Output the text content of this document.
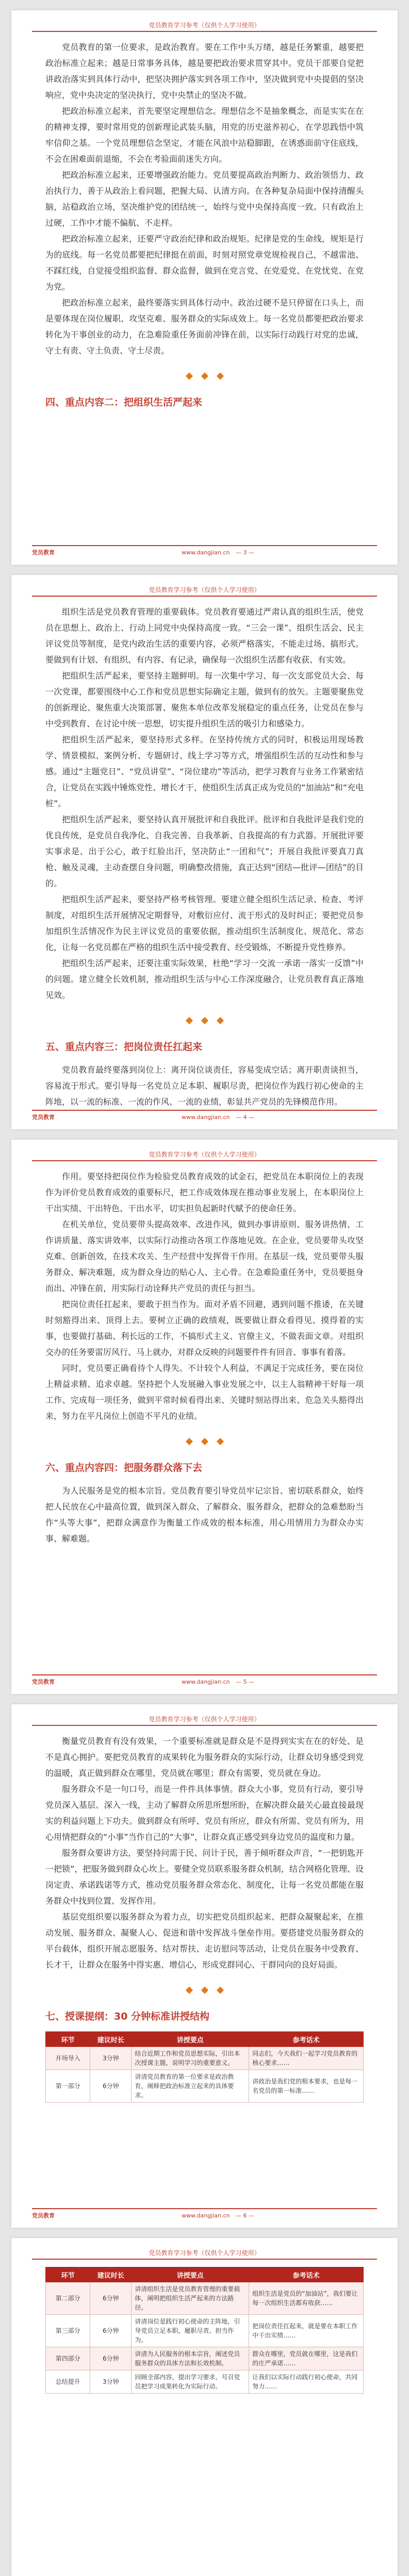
党员教育学习参考（仅供个人学习使用）

党员教育的第一位要求，是政治教育。要在工作中头万绪，越是任务繁重，越要把政治标准立起来；越是日常事务具体，越是要把政治要求贯穿其中。党员干部要自觉把讲政治落实到具体行动中，把坚决拥护落实到各项工作中，坚决做到党中央提倡的坚决响应，党中央决定的坚决执行，党中央禁止的坚决不做。

把政治标准立起来，首先要坚定理想信念。理想信念不是抽象概念，而是实实在在的精神支撑，要时常用党的创新理论武装头脑，用党的历史滋养初心，在学思践悟中筑牢信仰之基。一个党员理想信念坚定，才能在风浪中站稳脚跟，在诱惑面前守住底线，不会在困难面前退缩，不会在考验面前迷失方向。

把政治标准立起来，还要增强政治能力。党员要提高政治判断力、政治领悟力、政治执行力，善于从政治上看问题，把握大局、认清方向。在各种复杂局面中保持清醒头脑，站稳政治立场，坚决维护党的团结统一，始终与党中央保持高度一致。只有政治上过硬，工作中才能不偏航、不走样。

把政治标准立起来，还要严守政治纪律和政治规矩。纪律是党的生命线，规矩是行为的底线。每一名党员都要把纪律挺在前面，时刻对照党章党规检视自己，不越雷池、不踩红线，自觉接受组织监督、群众监督，做到在党言党、在党爱党、在党忧党、在党为党。

把政治标准立起来，最终要落实到具体行动中。政治过硬不是只停留在口头上，而是要体现在岗位履职、攻坚克难、服务群众的实际成效上。每一名党员都要把政治要求转化为干事创业的动力，在急难险重任务面前冲锋在前，以实际行动践行对党的忠诚，守土有责、守土负责、守土尽责。

四、重点内容二：把组织生活严起来
党员教育	www.dangjian.cn — 3 —
党员教育学习参考（仅供个人学习使用）

组织生活是党员教育管理的重要载体。党员教育要通过严肃认真的组织生活，使党员在思想上、政治上、行动上同党中央保持高度一致。“三会一课”、组织生活会、民主评议党员等制度，是党内政治生活的重要内容，必须严格落实，不能走过场、搞形式。要做到有计划、有组织、有内容、有记录，确保每一次组织生活都有收获、有实效。

把组织生活严起来，要坚持主题鲜明。每一次集中学习、每一次支部党员大会、每一次党课，都要围绕中心工作和党员思想实际确定主题，做到有的放矢。主题要聚焦党的创新理论、聚焦重大决策部署、聚焦本单位改革发展稳定的重点任务，让党员在参与中受到教育、在讨论中统一思想，切实提升组织生活的吸引力和感染力。

把组织生活严起来，要坚持形式多样。在坚持传统方式的同时，积极运用现场教学、情景模拟、案例分析、专题研讨、线上学习等方式，增强组织生活的互动性和参与感。通过“主题党日”、“党员讲堂”、“岗位建功”等活动，把学习教育与业务工作紧密结合，让党员在实践中锤炼党性、增长才干，使组织生活真正成为党员的“加油站”和“充电桩”。

把组织生活严起来，要坚持认真开展批评和自我批评。批评和自我批评是我们党的优良传统，是党员自我净化、自我完善、自我革新、自我提高的有力武器。开展批评要实事求是、出于公心，敢于红脸出汗，坚决防止“一团和气”；开展自我批评要真刀真枪、触及灵魂，主动查摆自身问题，明确整改措施，真正达到“团结—批评—团结”的目的。

把组织生活严起来，要坚持严格考核管理。要建立健全组织生活记录、检查、考评制度，对组织生活开展情况定期督导，对敷衍应付、流于形式的及时纠正；要把党员参加组织生活情况作为民主评议党员的重要依据，推动组织生活制度化、规范化、常态化，让每一名党员都在严格的组织生活中接受教育、经受锻炼，不断提升党性修养。

把组织生活严起来，还要注重实际效果，杜绝“学习一交流一承诺一落实一反馈”中的问题。建立健全长效机制，推动组织生活与中心工作深度融合，让党员教育真正落地见效。

五、重点内容三：把岗位责任扛起来

党员教育最终要落到岗位上：离开岗位谈责任，容易变成空话；离开职责谈担当，容易流于形式。要引导每一名党员立足本职、履职尽责，把岗位作为践行初心使命的主阵地，以一流的标准、一流的作风、一流的业绩，彰显共产党员的先锋模范作用。

党员教育	www.dangjian.cn — 4 —
党员教育学习参考（仅供个人学习使用）

作用。要坚持把岗位作为检验党员教育成效的试金石，把党员在本职岗位上的表现作为评价党员教育成效的重要标尺，把工作成效体现在推动事业发展上，在本职岗位上干出实绩、干出特色、干出水平，切实担负起新时代赋予的使命任务。

在机关单位，党员要带头提高效率、改进作风，做到办事讲原则、服务讲热情、工作讲质量、落实讲效率，以实际行动推动各项工作落地见效。在企业，党员要带头攻坚克难、创新创效，在技术攻关、生产经营中发挥骨干作用。在基层一线，党员要带头服务群众、解决难题，成为群众身边的贴心人、主心骨。在急难险重任务中，党员要挺身而出、冲锋在前，用实际行动诠释共产党员的责任与担当。

把岗位责任扛起来，要敢于担当作为。面对矛盾不回避，遇到问题不推诿，在关键时刻豁得出来、顶得上去。要树立正确的政绩观，既要做让群众看得见、摸得着的实事，也要做打基础、利长远的工作，不搞形式主义、官僚主义，不做表面文章。对组织交办的任务要雷厉风行、马上就办，对群众反映的问题要件件有回音、事事有着落。

同时，党员要正确看待个人得失。不计较个人利益，不满足于完成任务，要在岗位上精益求精、追求卓越。坚持把个人发展融入事业发展之中，以主人翁精神干好每一项工作、完成每一项任务，做到平常时候看得出来、关键时刻站得出来、危急关头豁得出来，努力在平凡岗位上创造不平凡的业绩。

六、重点内容四：把服务群众落下去

为人民服务是党的根本宗旨。党员教育要引导党员牢记宗旨、密切联系群众，始终把人民放在心中最高位置，做到深入群众、了解群众、服务群众，把群众的急难愁盼当作“头等大事”，把群众满意作为衡量工作成效的根本标准，用心用情用力为群众办实事、解难题。

党员教育	www.dangjian.cn — 5 —
党员教育学习参考（仅供个人学习使用）

衡量党员教育有没有效果，一个重要标准就是群众是不是得到实实在在的好处、是不是真心拥护。要把党员教育的成果转化为服务群众的实际行动，让群众切身感受到党的温暖，真正做到群众在哪里，党员就在哪里；群众有需要，党员就在身边。

服务群众不是一句口号，而是一件件具体事情。群众大小事，党员有行动，要引导党员深入基层、深入一线，主动了解群众所思所想所盼，在解决群众最关心最直接最现实的利益问题上下功夫。做到群众有所呼、党员有所应，群众有所需、党员有所为，用心用情把群众的“小事”当作自己的“大事”，让群众真正感受到身边党员的温度和力量。

服务群众要讲方法，要坚持问需于民、问计于民，善于倾听群众声音，“一把钥匙开一把锁”，把服务做到群众心坎上。要健全党员联系服务群众机制，结合网格化管理、设岗定责、承诺践诺等方式，推动党员服务群众常态化、制度化，让每一名党员都能在服务群众中找到位置、发挥作用。

基层党组织要以服务群众为着力点，切实把党员组织起来、把群众凝聚起来，在推动发展、服务群众、凝聚人心、促进和谐中发挥战斗堡垒作用。要搭建党员服务群众的平台载体，组织开展志愿服务、结对帮扶、走访慰问等活动，让党员在服务中受教育、长才干，让群众在服务中得实惠、增信心，形成党群同心、干群同向的良好局面。

七、授课提纲：30 分钟标准讲授结构
环节	建议时长	讲授要点	参考话术
开场导入	3分钟	结合近期工作和党员思想实际，引出本次授课主题，说明学习的重要意义。	同志们，今天我们一起学习党员教育的核心要求……
第一部分	6分钟	讲清党员教育的第一位要求是政治教育，阐释把政治标准立起来的具体要求。	讲政治是我们党的根本要求，也是每一名党员的第一标准……
党员教育	www.dangjian.cn — 6 —
党员教育学习参考（仅供个人学习使用）
环节	建议时长	讲授要点	参考话术
第二部分	6分钟	讲清组织生活是党员教育管理的重要载体，阐明把组织生活严起来的方法路径。	组织生活是党员的“加油站”，我们要让每一次组织生活都有收获……
第三部分	6分钟	讲清岗位是践行初心使命的主阵地，引导党员立足本职、履职尽责、担当作为。	把岗位责任扛起来，就是要在本职工作中干出实绩……
第四部分	6分钟	讲清为人民服务的根本宗旨，阐述党员服务群众的具体方法和长效机制。	群众在哪里，党员就在哪里，这是我们的庄严承诺……
总结提升	3分钟	回顾全部内容，提出学习要求，号召党员把学习成果转化为实际行动。	让我们以实际行动践行初心使命，共同努力……
